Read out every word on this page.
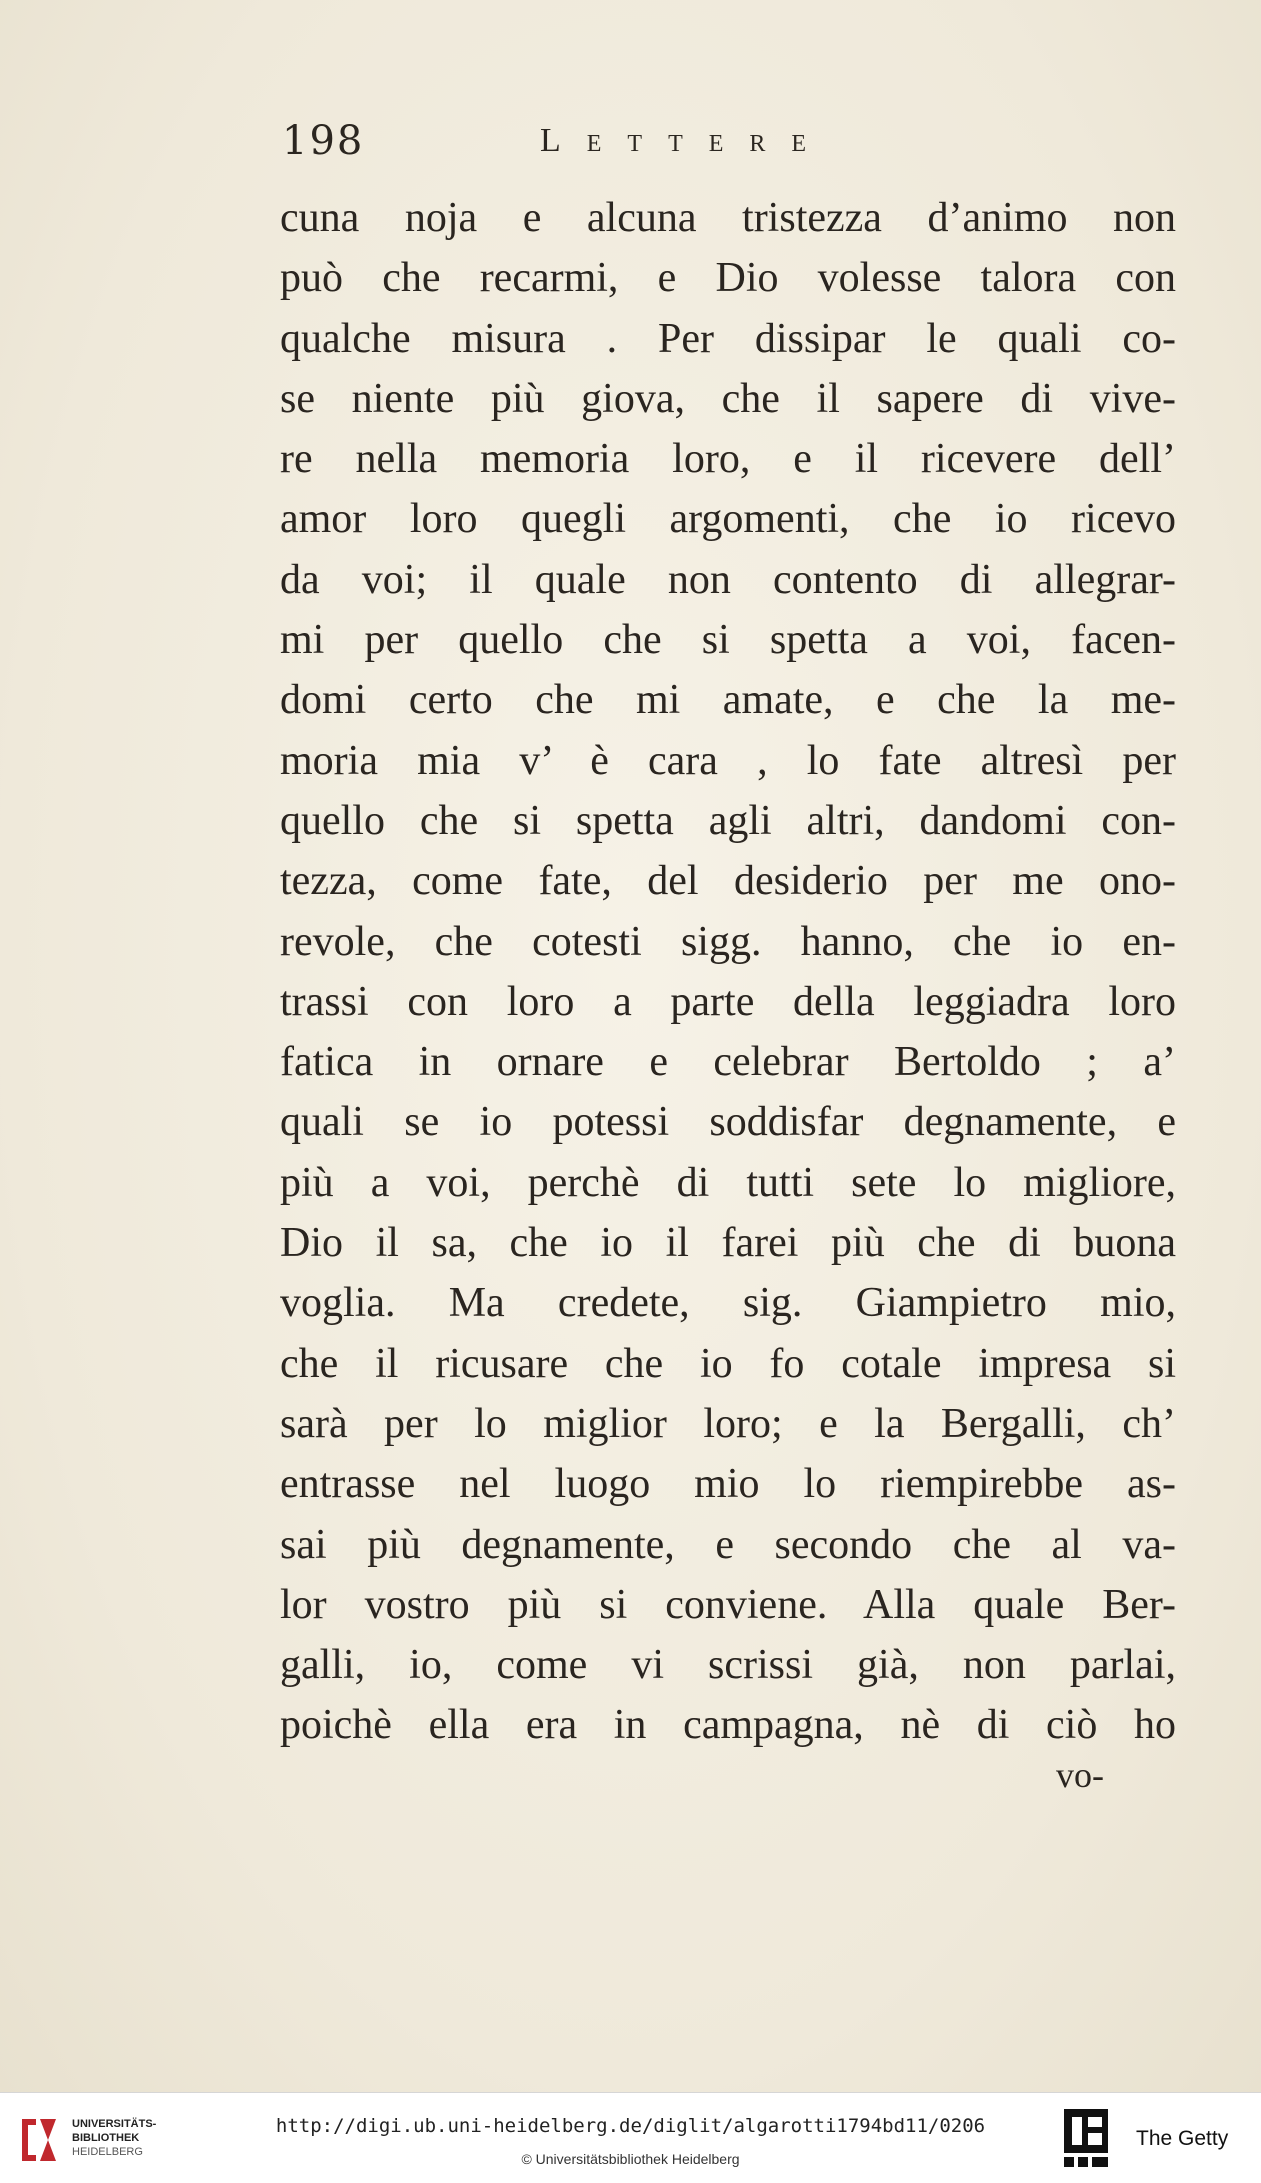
198	Lettere
cuna noja e alcuna tristezza d’animo non
può che recarmi, e Dio volesse talora con
qualche misura . Per dissipar le quali co-
se niente più giova, che il sapere di vive-
re nella memoria loro, e il ricevere dell’
amor loro quegli argomenti, che io ricevo
da voi; il quale non contento di allegrar-
mi per quello che si spetta a voi, facen-
domi certo che mi amate, e che la me-
moria mia v’ è cara , lo fate altresì per
quello che si spetta agli altri, dandomi con-
tezza, come fate, del desiderio per me ono-
revole, che cotesti sigg. hanno, che io en-
trassi con loro a parte della leggiadra loro
fatica in ornare e celebrar Bertoldo ; a’
quali se io potessi soddisfar degnamente, e
più a voi, perchè di tutti sete lo migliore,
Dio il sa, che io il farei più che di buona
voglia. Ma credete, sig. Giampietro mio,
che il ricusare che io fo cotale impresa si
sarà per lo miglior loro; e la Bergalli, ch’
entrasse nel luogo mio lo riempirebbe as-
sai più degnamente, e secondo che al va-
lor vostro più si conviene. Alla quale Ber-
galli, io, come vi scrissi già, non parlai,
poichè ella era in campagna, nè di ciò ho
vo-
UNIVERSITÄTS-
BIBLIOTHEK
HEIDELBERG
http://digi.ub.uni-heidelberg.de/diglit/algarotti1794bd11/0206
© Universitätsbibliothek Heidelberg
The Getty
